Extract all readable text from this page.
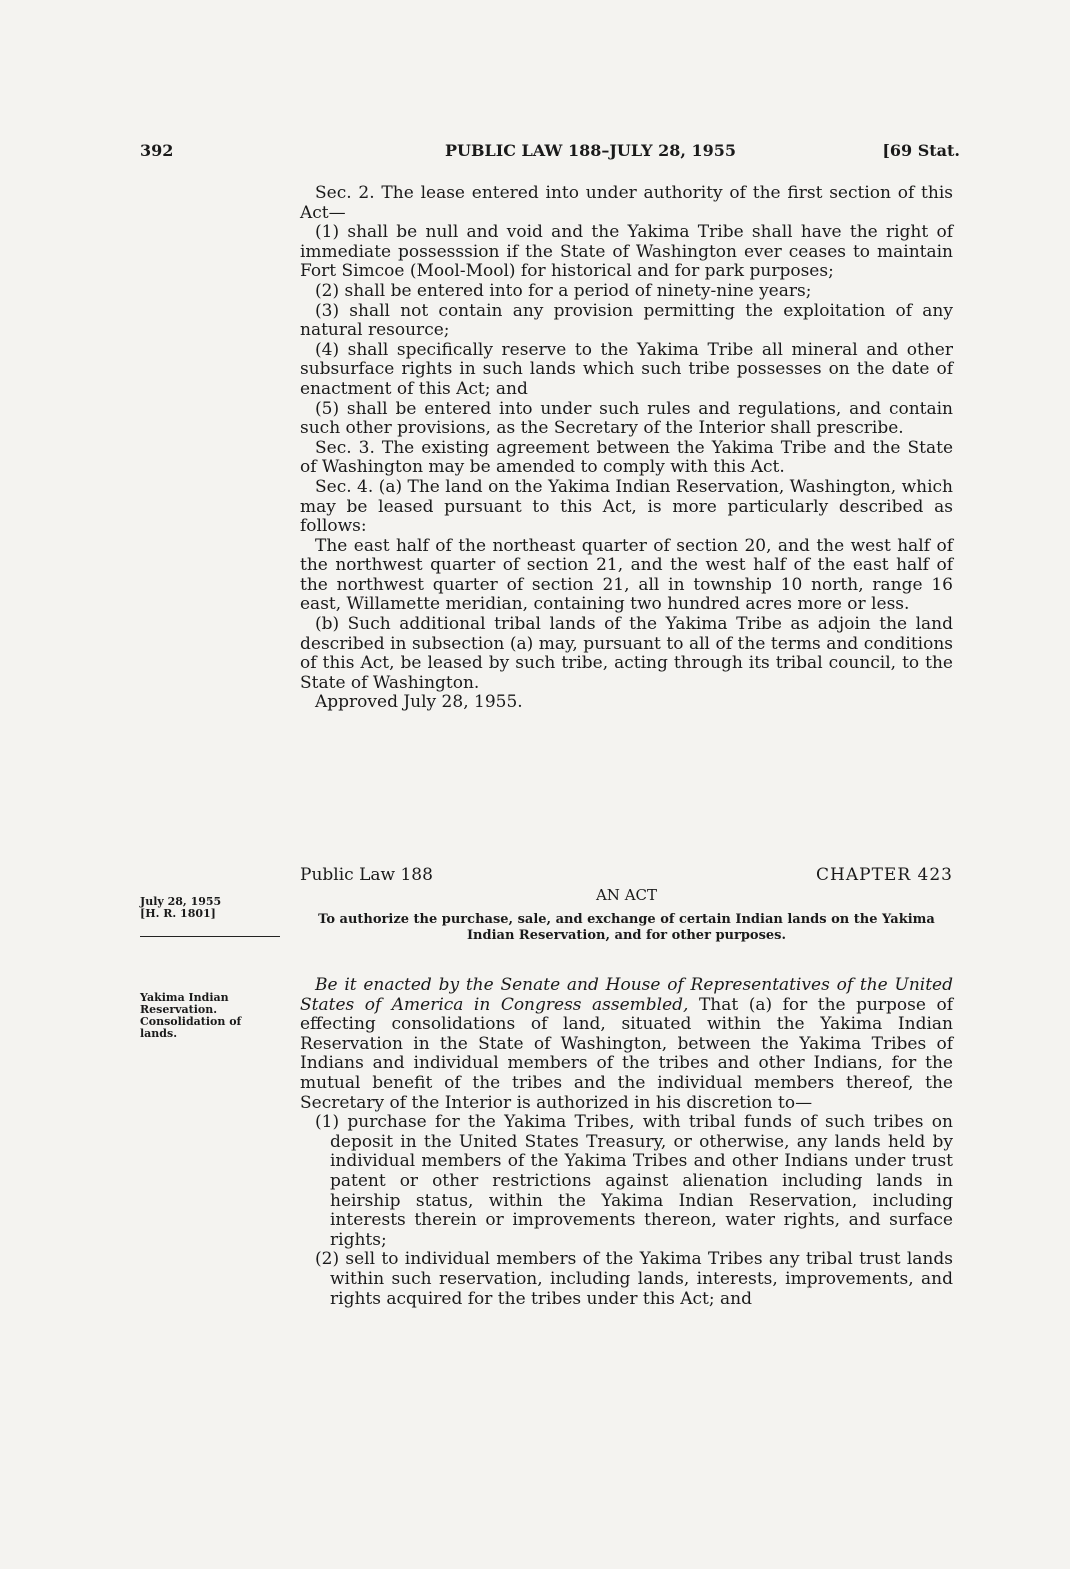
392	PUBLIC LAW 188–JULY 28, 1955	[69 Stat.

Sec. 2. The lease entered into under authority of the first section of this Act—

(1) shall be null and void and the Yakima Tribe shall have the right of immediate possesssion if the State of Washington ever ceases to maintain Fort Simcoe (Mool-Mool) for historical and for park purposes;

(2) shall be entered into for a period of ninety-nine years;

(3) shall not contain any provision permitting the exploitation of any natural resource;

(4) shall specifically reserve to the Yakima Tribe all mineral and other subsurface rights in such lands which such tribe possesses on the date of enactment of this Act; and

(5) shall be entered into under such rules and regulations, and contain such other provisions, as the Secretary of the Interior shall prescribe.

Sec. 3. The existing agreement between the Yakima Tribe and the State of Washington may be amended to comply with this Act.

Sec. 4. (a) The land on the Yakima Indian Reservation, Washington, which may be leased pursuant to this Act, is more particularly described as follows:

The east half of the northeast quarter of section 20, and the west half of the northwest quarter of section 21, and the west half of the east half of the northwest quarter of section 21, all in township 10 north, range 16 east, Willamette meridian, containing two hundred acres more or less.

(b) Such additional tribal lands of the Yakima Tribe as adjoin the land described in subsection (a) may, pursuant to all of the terms and conditions of this Act, be leased by such tribe, acting through its tribal council, to the State of Washington.

Approved July 28, 1955.

Public Law 188	CHAPTER 423
AN ACT
To authorize the purchase, sale, and exchange of certain Indian lands on the Yakima Indian Reservation, and for other purposes.
July 28, 1955
[H. R. 1801]
Yakima Indian
Reservation.
Consolidation of
lands.

Be it enacted by the Senate and House of Representatives of the United States of America in Congress assembled, That (a) for the purpose of effecting consolidations of land, situated within the Yakima Indian Reservation in the State of Washington, between the Yakima Tribes of Indians and individual members of the tribes and other Indians, for the mutual benefit of the tribes and the individual members thereof, the Secretary of the Interior is authorized in his discretion to—

(1) purchase for the Yakima Tribes, with tribal funds of such tribes on deposit in the United States Treasury, or otherwise, any lands held by individual members of the Yakima Tribes and other Indians under trust patent or other restrictions against alienation including lands in heirship status, within the Yakima Indian Reservation, including interests therein or improvements thereon, water rights, and surface rights;

(2) sell to individual members of the Yakima Tribes any tribal trust lands within such reservation, including lands, interests, improvements, and rights acquired for the tribes under this Act; and
